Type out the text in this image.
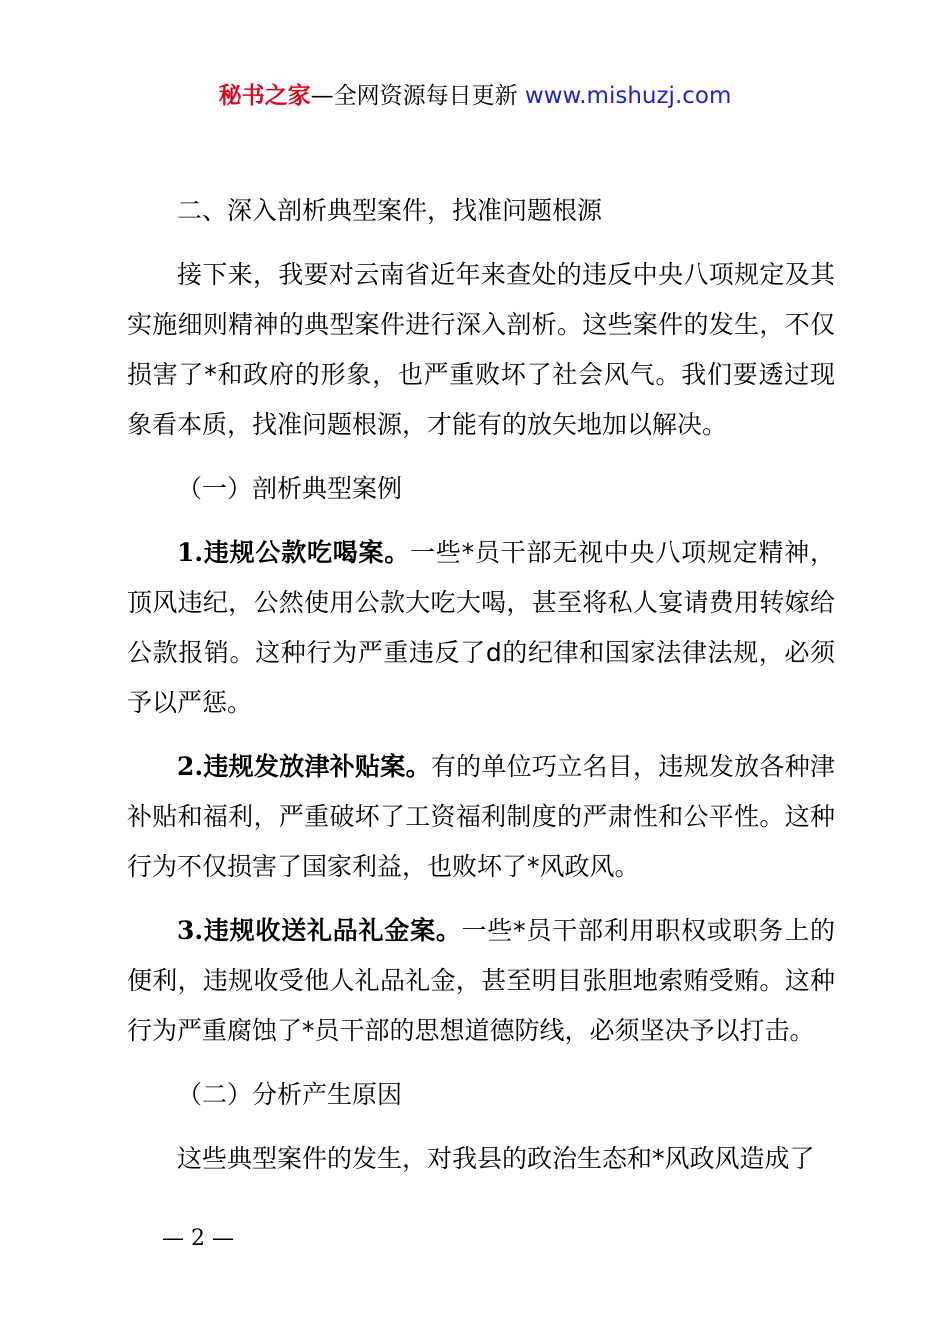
秘书之家—全网资源每日更新 www.mishuzj.com

二、深入剖析典型案件，找准问题根源

接下来，我要对云南省近年来查处的违反中央八项规定及其实施细则精神的典型案件进行深入剖析。这些案件的发生，不仅损害了*和政府的形象，也严重败坏了社会风气。我们要透过现象看本质，找准问题根源，才能有的放矢地加以解决。

（一）剖析典型案例

1.违规公款吃喝案。一些*员干部无视中央八项规定精神，顶风违纪，公然使用公款大吃大喝，甚至将私人宴请费用转嫁给公款报销。这种行为严重违反了d的纪律和国家法律法规，必须予以严惩。

2.违规发放津补贴案。有的单位巧立名目，违规发放各种津补贴和福利，严重破坏了工资福利制度的严肃性和公平性。这种行为不仅损害了国家利益，也败坏了*风政风。

3.违规收送礼品礼金案。一些*员干部利用职权或职务上的便利，违规收受他人礼品礼金，甚至明目张胆地索贿受贿。这种行为严重腐蚀了*员干部的思想道德防线，必须坚决予以打击。

（二）分析产生原因

这些典型案件的发生，对我县的政治生态和*风政风造成了

— 2 —
